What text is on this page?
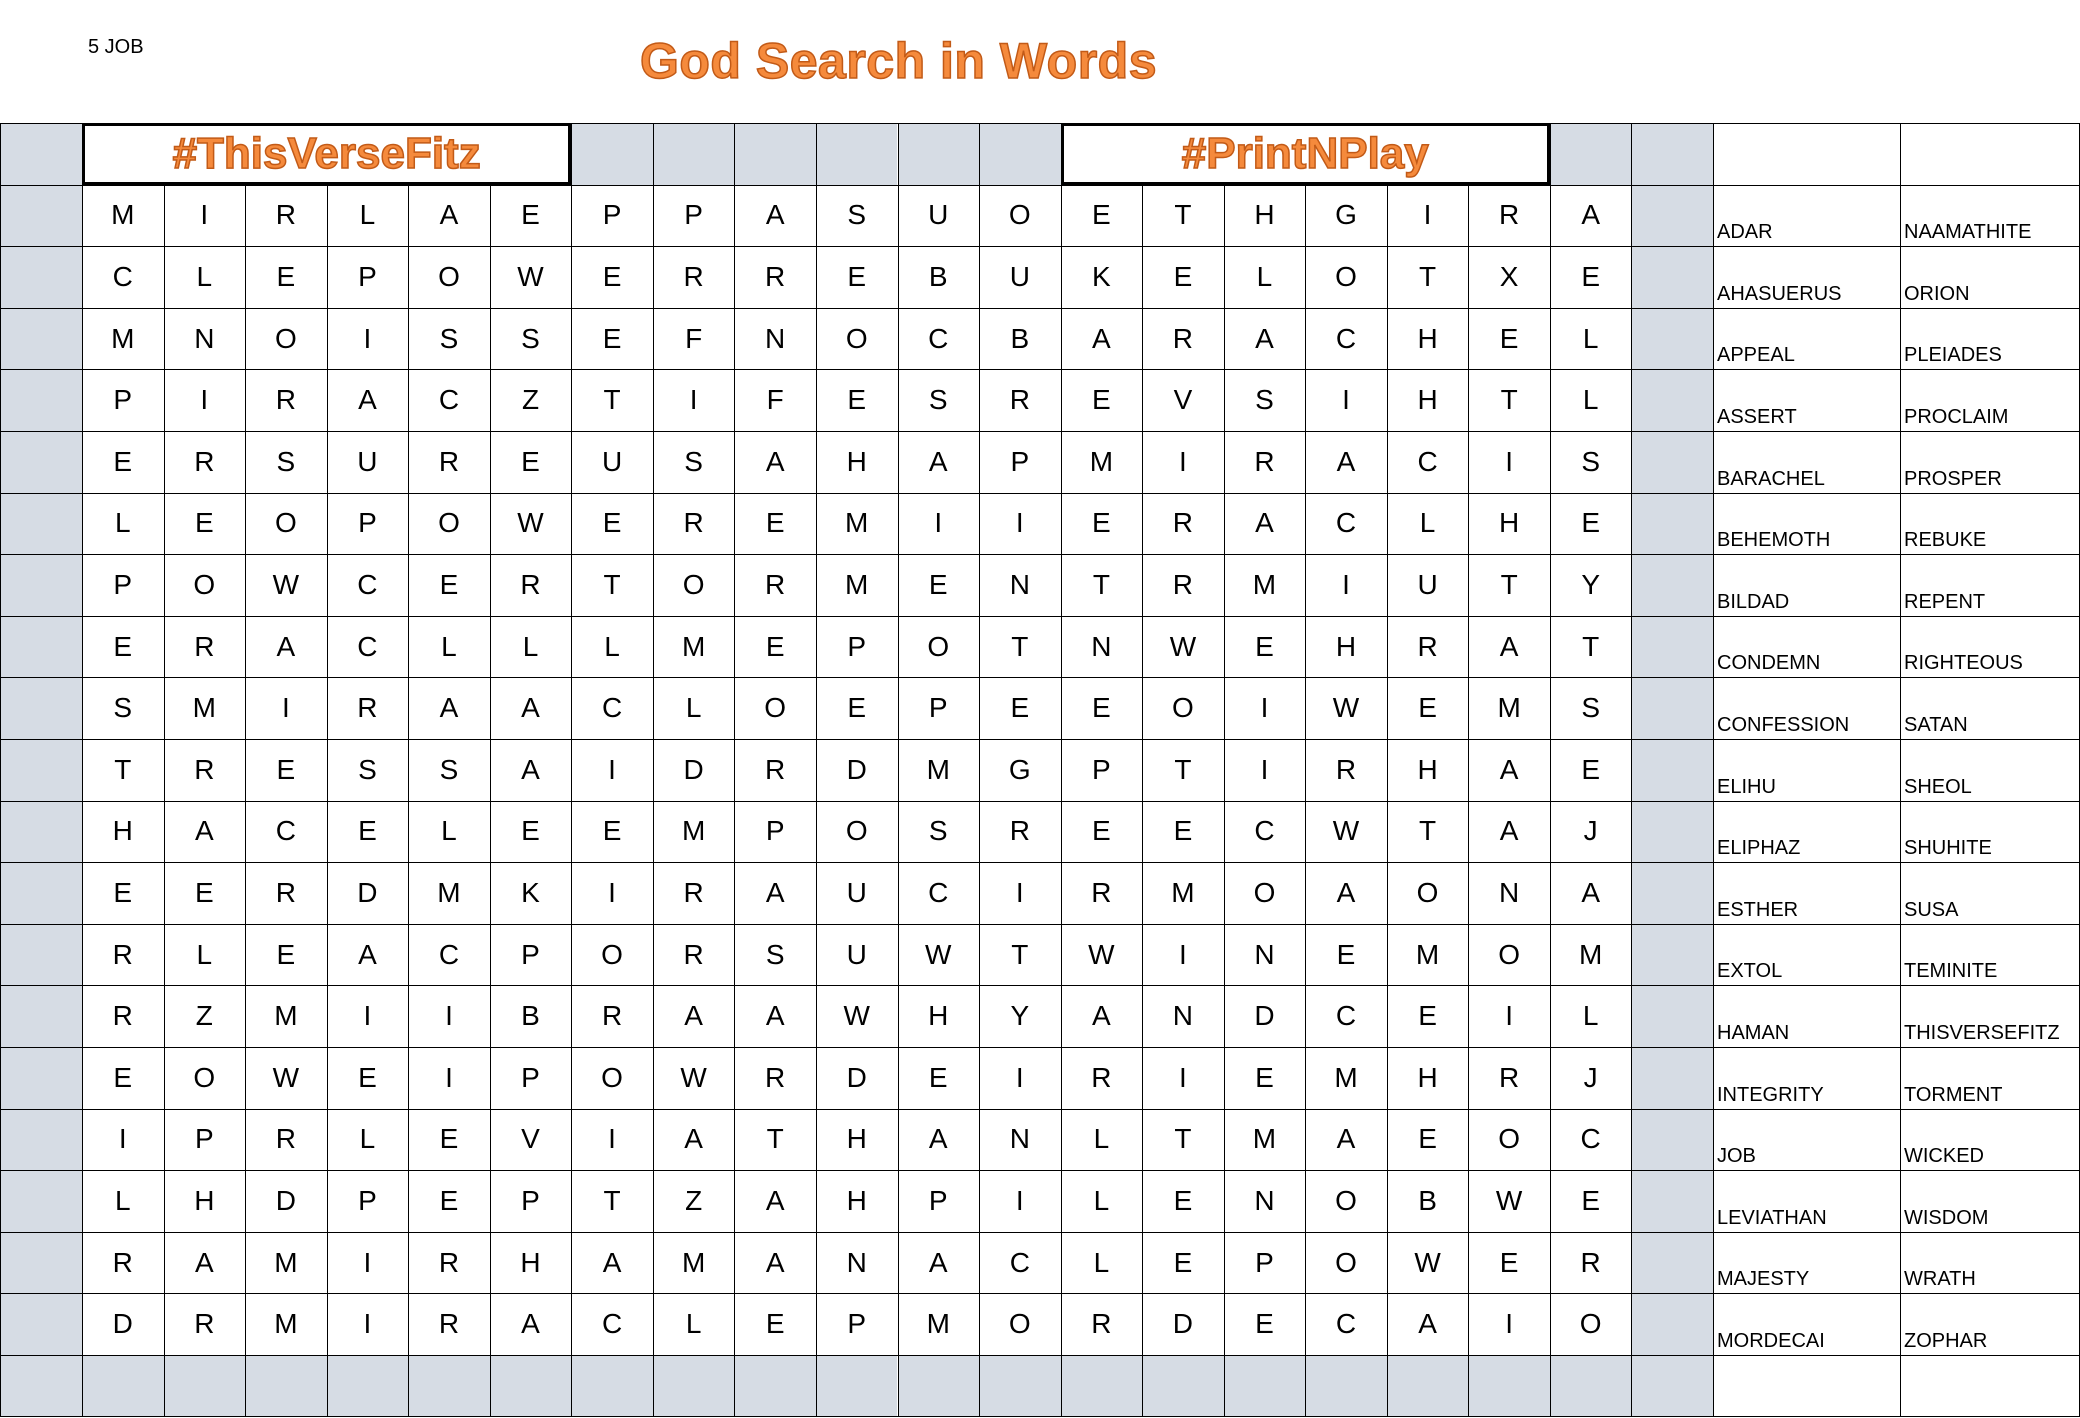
5 JOB	God Search in Words
M	I	R	L	A	E	P	P	A	S	U	O	E	T	H	G	I	R	A
ADAR	NAAMATHITE
C	L	E	P	O	W	E	R	R	E	B	U	K	E	L	O	T	X	E
AHASUERUS	ORION
M	N	O	I	S	S	E	F	N	O	C	B	A	R	A	C	H	E	L
APPEAL	PLEIADES
P	I	R	A	C	Z	T	I	F	E	S	R	E	V	S	I	H	T	L
ASSERT	PROCLAIM
E	R	S	U	R	E	U	S	A	H	A	P	M	I	R	A	C	I	S
BARACHEL	PROSPER
L	E	O	P	O	W	E	R	E	M	I	I	E	R	A	C	L	H	E
BEHEMOTH	REBUKE
P	O	W	C	E	R	T	O	R	M	E	N	T	R	M	I	U	T	Y
BILDAD	REPENT
E	R	A	C	L	L	L	M	E	P	O	T	N	W	E	H	R	A	T
CONDEMN	RIGHTEOUS
S	M	I	R	A	A	C	L	O	E	P	E	E	O	I	W	E	M	S
CONFESSION	SATAN
T	R	E	S	S	A	I	D	R	D	M	G	P	T	I	R	H	A	E
ELIHU	SHEOL
H	A	C	E	L	E	E	M	P	O	S	R	E	E	C	W	T	A	J
ELIPHAZ	SHUHITE
E	E	R	D	M	K	I	R	A	U	C	I	R	M	O	A	O	N	A
ESTHER	SUSA
R	L	E	A	C	P	O	R	S	U	W	T	W	I	N	E	M	O	M
EXTOL	TEMINITE
R	Z	M	I	I	B	R	A	A	W	H	Y	A	N	D	C	E	I	L
HAMAN	THISVERSEFITZ
E	O	W	E	I	P	O	W	R	D	E	I	R	I	E	M	H	R	J
INTEGRITY	TORMENT
I	P	R	L	E	V	I	A	T	H	A	N	L	T	M	A	E	O	C
JOB	WICKED
L	H	D	P	E	P	T	Z	A	H	P	I	L	E	N	O	B	W	E
LEVIATHAN	WISDOM
R	A	M	I	R	H	A	M	A	N	A	C	L	E	P	O	W	E	R
MAJESTY	WRATH
D	R	M	I	R	A	C	L	E	P	M	O	R	D	E	C	A	I	O
MORDECAI	ZOPHAR
#ThisVerseFitz	#PrintNPlay
